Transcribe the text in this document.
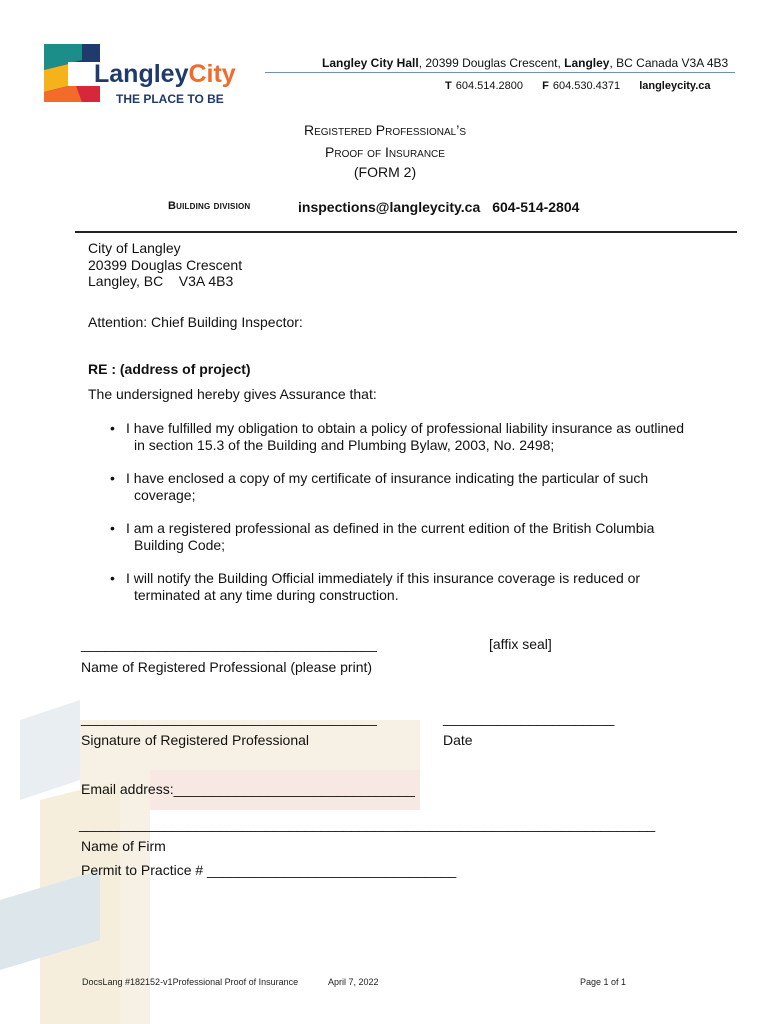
LangleyCity
THE PLACE TO BE
Langley City Hall, 20399 Douglas Crescent, Langley, BC Canada V3A 4B3
T 604.514.2800 F 604.530.4371 langleycity.ca
Registered Professional’s
Proof of Insurance
(FORM 2)
Building division	inspections@langleycity.ca 604-514-2804
City of Langley
20399 Douglas Crescent
Langley, BC    V3A 4B3
Attention: Chief Building Inspector:
RE : (address of project)
The undersigned hereby gives Assurance that:
• I have fulfilled my obligation to obtain a policy of professional liability insurance as outlined
in section 15.3 of the Building and Plumbing Bylaw, 2003, No. 2498;
• I have enclosed a copy of my certificate of insurance indicating the particular of such
coverage;
• I am a registered professional as defined in the current edition of the British Columbia
Building Code;
• I will notify the Building Official immediately if this insurance coverage is reduced or
terminated at any time during construction.
______________________________________	[affix seal]
Name of Registered Professional (please print)
______________________________________	______________________
Signature of Registered Professional	Date
Email address:_______________________________
__________________________________________________________________________
Name of Firm
Permit to Practice # ________________________________
DocsLang #182152-v1Professional Proof of Insurance	April 7, 2022	Page 1 of 1
